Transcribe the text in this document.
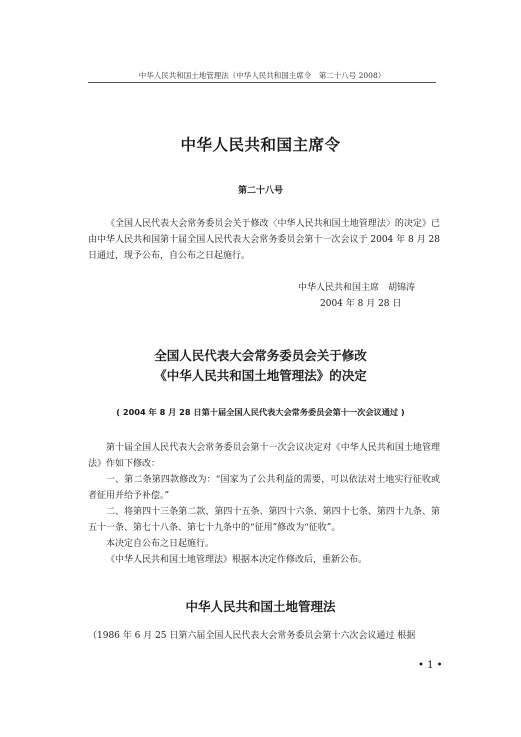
中华人民共和国土地管理法（中华人民共和国主席令　第二十八号 2008）
中华人民共和国主席令
第二十八号
《全国人民代表大会常务委员会关于修改〈中华人民共和国土地管理法〉的决定》已由中华人民共和国第十届全国人民代表大会常务委员会第十一次会议于 2004 年 8 月 28 日通过，现予公布，自公布之日起施行。
中华人民共和国主席　胡锦涛
2004 年 8 月 28 日
全国人民代表大会常务委员会关于修改
《中华人民共和国土地管理法》的决定
( 2004 年 8 月 28 日第十届全国人民代表大会常务委员会第十一次会议通过 )
第十届全国人民代表大会常务委员会第十一次会议决定对《中华人民共和国土地管理法》作如下修改：
一、第二条第四款修改为：“国家为了公共利益的需要，可以依法对土地实行征收或者征用并给予补偿。”
二、将第四十三条第二款、第四十五条、第四十六条、第四十七条、第四十九条、第五十一条、第七十八条、第七十九条中的“征用”修改为“征收”。
本决定自公布之日起施行。
《中华人民共和国土地管理法》根据本决定作修改后，重新公布。
中华人民共和国土地管理法
（1986 年 6 月 25 日第六届全国人民代表大会常务委员会第十六次会议通过 根据
• 1 •
